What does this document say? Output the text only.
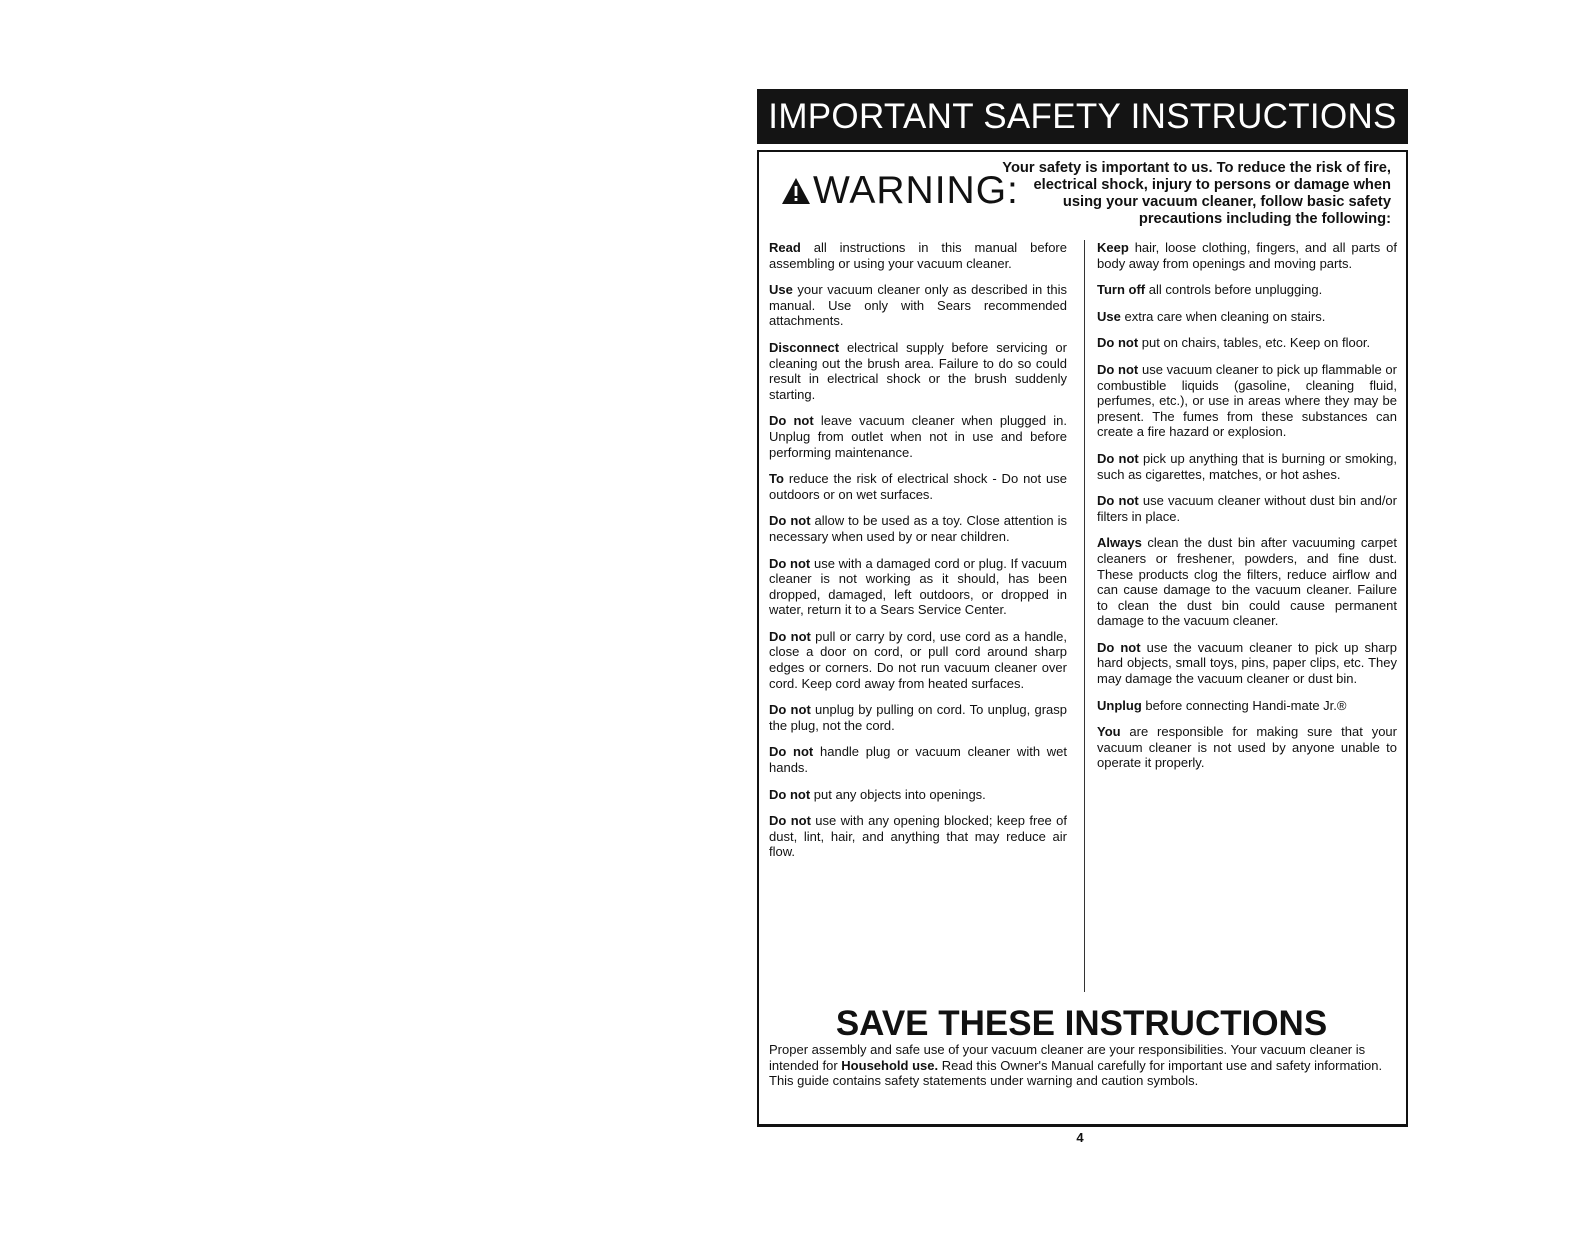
IMPORTANT SAFETY INSTRUCTIONS
WARNING:
Your safety is important to us. To reduce the risk of fire, electrical shock, injury to persons or damage when using your vacuum cleaner, follow basic safety precautions including the following:

Read all instructions in this manual before assembling or using your vacuum cleaner.

Use your vacuum cleaner only as described in this manual. Use only with Sears recommended attachments.

Disconnect electrical supply before servicing or cleaning out the brush area. Failure to do so could result in electrical shock or the brush suddenly starting.

Do not leave vacuum cleaner when plugged in. Unplug from outlet when not in use and before performing maintenance.

To reduce the risk of electrical shock - Do not use outdoors or on wet surfaces.

Do not allow to be used as a toy. Close attention is necessary when used by or near children.

Do not use with a damaged cord or plug. If vacuum cleaner is not working as it should, has been dropped, damaged, left outdoors, or dropped in water, return it to a Sears Service Center.

Do not pull or carry by cord, use cord as a handle, close a door on cord, or pull cord around sharp edges or corners. Do not run vacuum cleaner over cord. Keep cord away from heated surfaces.

Do not unplug by pulling on cord. To unplug, grasp the plug, not the cord.

Do not handle plug or vacuum cleaner with wet hands.

Do not put any objects into openings.

Do not use with any opening blocked; keep free of dust, lint, hair, and anything that may reduce air flow.

Keep hair, loose clothing, fingers, and all parts of body away from openings and moving parts.

Turn off all controls before unplugging.

Use extra care when cleaning on stairs.

Do not put on chairs, tables, etc. Keep on floor.

Do not use vacuum cleaner to pick up flammable or combustible liquids (gasoline, cleaning fluid, perfumes, etc.), or use in areas where they may be present. The fumes from these substances can create a fire hazard or explosion.

Do not pick up anything that is burning or smoking, such as cigarettes, matches, or hot ashes.

Do not use vacuum cleaner without dust bin and/or filters in place.

Always clean the dust bin after vacuuming carpet cleaners or freshener, powders, and fine dust. These products clog the filters, reduce airflow and can cause damage to the vacuum cleaner. Failure to clean the dust bin could cause permanent damage to the vacuum cleaner.

Do not use the vacuum cleaner to pick up sharp hard objects, small toys, pins, paper clips, etc. They may damage the vacuum cleaner or dust bin.

Unplug before connecting Handi-mate Jr.®

You are responsible for making sure that your vacuum cleaner is not used by anyone unable to operate it properly.

SAVE THESE INSTRUCTIONS
Proper assembly and safe use of your vacuum cleaner are your responsibilities. Your vacuum cleaner is intended for Household use. Read this Owner's Manual carefully for important use and safety information. This guide contains safety statements under warning and caution symbols.
4
